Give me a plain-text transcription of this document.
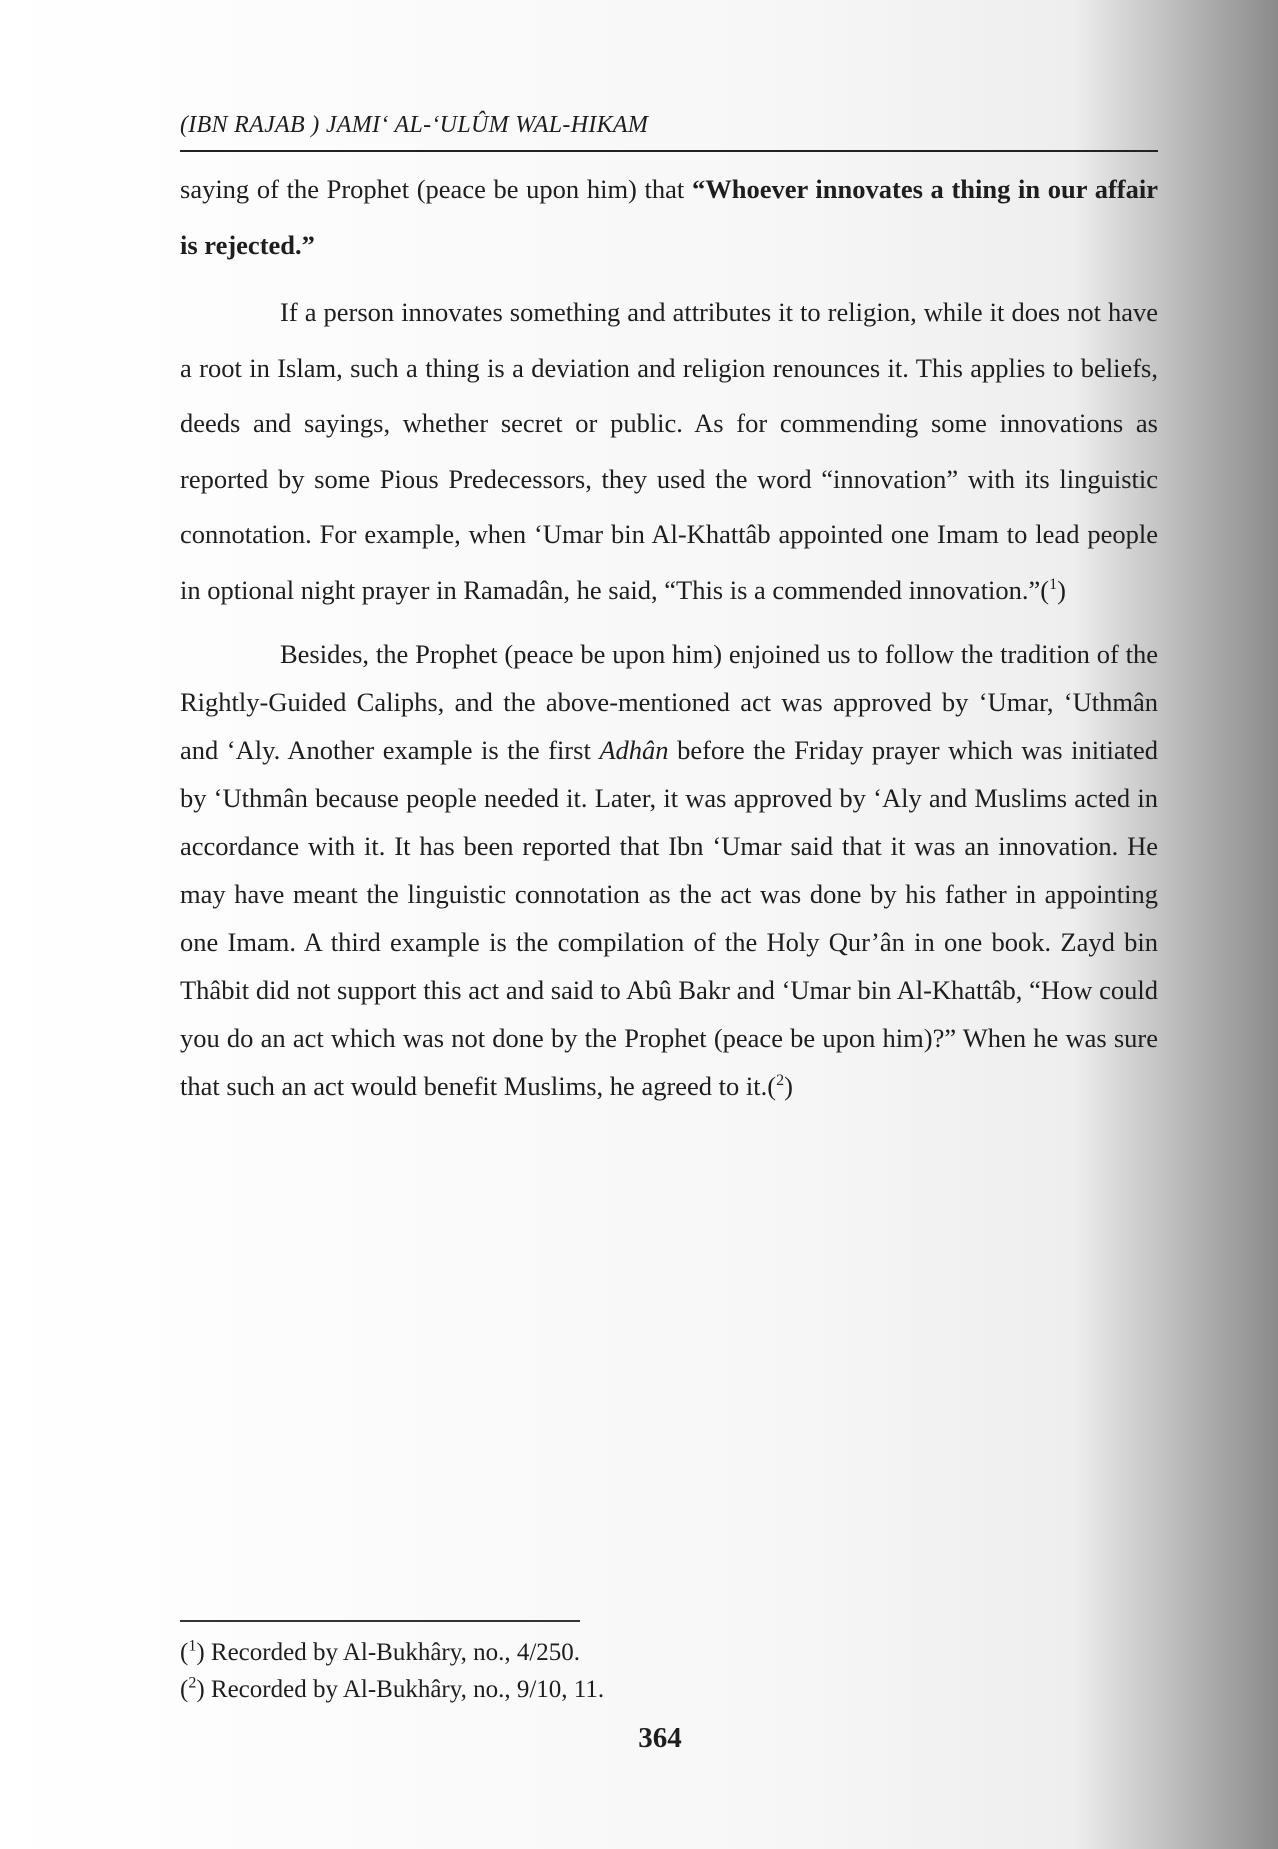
(IBN RAJAB ) JAMI‘ AL-‘ULÛM WAL-HIKAM

saying of the Prophet (peace be upon him) that “Whoever innovates a thing in our affair is rejected.”

If a person innovates something and attributes it to religion, while it does not have a root in Islam, such a thing is a deviation and religion renounces it. This applies to beliefs, deeds and sayings, whether secret or public. As for commending some innovations as reported by some Pious Predecessors, they used the word “innovation” with its linguistic connotation. For example, when ‘Umar bin Al-Khattâb appointed one Imam to lead people in optional night prayer in Ramadân, he said, “This is a commended innovation.”($^1$)

Besides, the Prophet (peace be upon him) enjoined us to follow the tradition of the Rightly-Guided Caliphs, and the above-mentioned act was approved by ‘Umar, ‘Uthmân and ‘Aly. Another example is the first Adhân before the Friday prayer which was initiated by ‘Uthmân because people needed it. Later, it was approved by ‘Aly and Muslims acted in accordance with it. It has been reported that Ibn ‘Umar said that it was an innovation. He may have meant the linguistic connotation as the act was done by his father in appointing one Imam. A third example is the compilation of the Holy Qur’ân in one book. Zayd bin Thâbit did not support this act and said to Abû Bakr and ‘Umar bin Al-Khattâb, “How could you do an act which was not done by the Prophet (peace be upon him)?” When he was sure that such an act would benefit Muslims, he agreed to it.($^2$)

($^1$) Recorded by Al-Bukhâry, no., 4/250.
($^2$) Recorded by Al-Bukhâry, no., 9/10, 11.
364
